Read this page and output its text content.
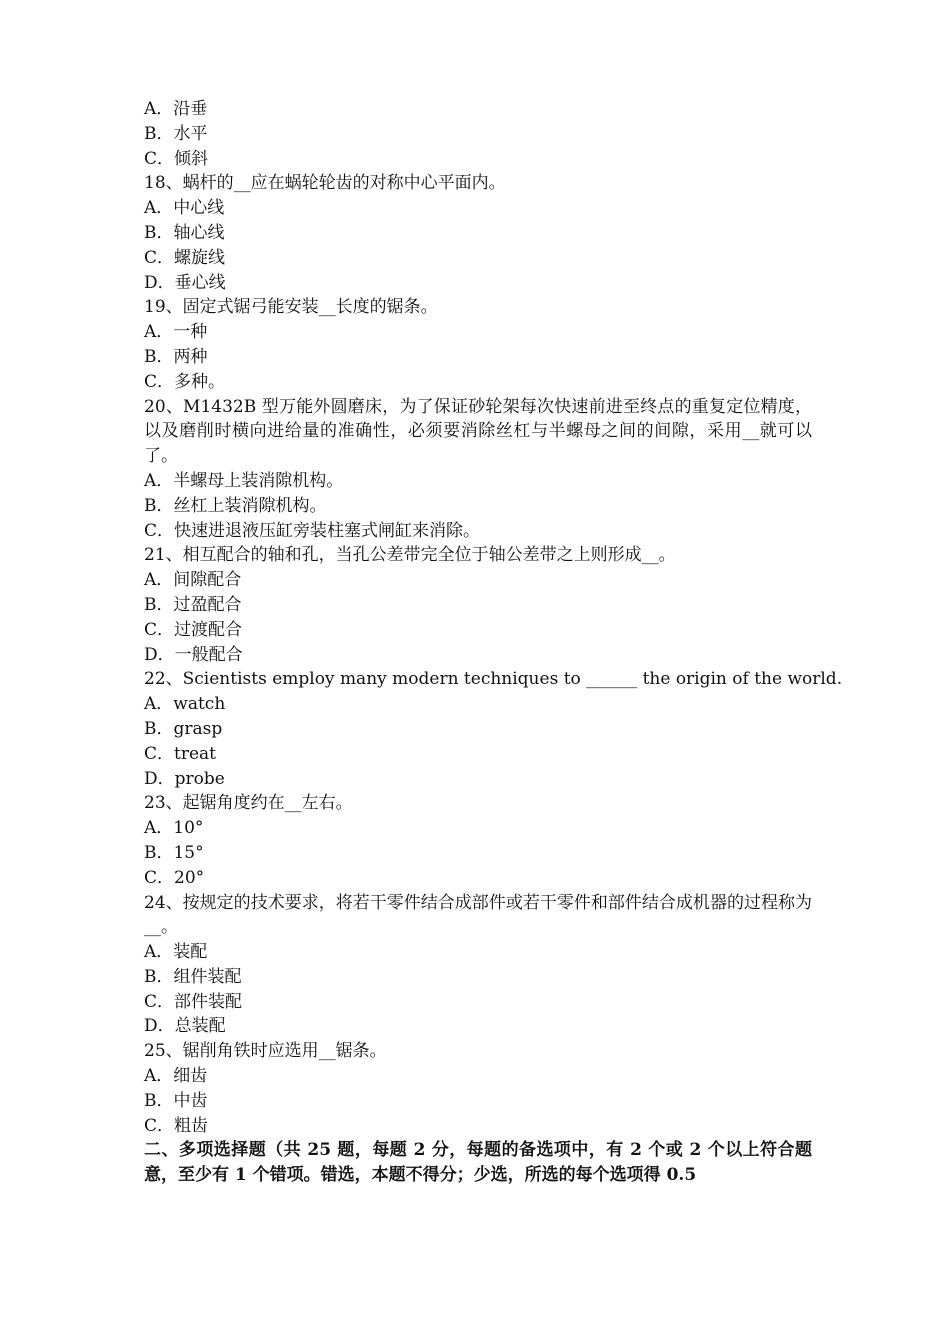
A．沿垂
B．水平
C．倾斜
18、蜗杆的__应在蜗轮轮齿的对称中心平面内。
A．中心线
B．轴心线
C．螺旋线
D．垂心线
19、固定式锯弓能安装__长度的锯条。
A．一种
B．两种
C．多种。
20、M1432B 型万能外圆磨床，为了保证砂轮架每次快速前进至终点的重复定位精度，以及磨削时横向进给量的准确性，必须要消除丝杠与半螺母之间的间隙，采用__就可以了。
A．半螺母上装消隙机构。
B．丝杠上装消隙机构。
C．快速进退液压缸旁装柱塞式闸缸来消除。
21、相互配合的轴和孔，当孔公差带完全位于轴公差带之上则形成__。
A．间隙配合
B．过盈配合
C．过渡配合
D．一般配合
22、Scientists employ many modern techniques to ______ the origin of the world.
A．watch
B．grasp
C．treat
D．probe
23、起锯角度约在__左右。
A．10°
B．15°
C．20°
24、按规定的技术要求，将若干零件结合成部件或若干零件和部件结合成机器的过程称为__。
A．装配
B．组件装配
C．部件装配
D．总装配
25、锯削角铁时应选用__锯条。
A．细齿
B．中齿
C．粗齿
二、多项选择题（共 25 题，每题 2 分，每题的备选项中，有 2 个或 2 个以上符合题意，至少有 1 个错项。错选，本题不得分；少选，所选的每个选项得 0.5
